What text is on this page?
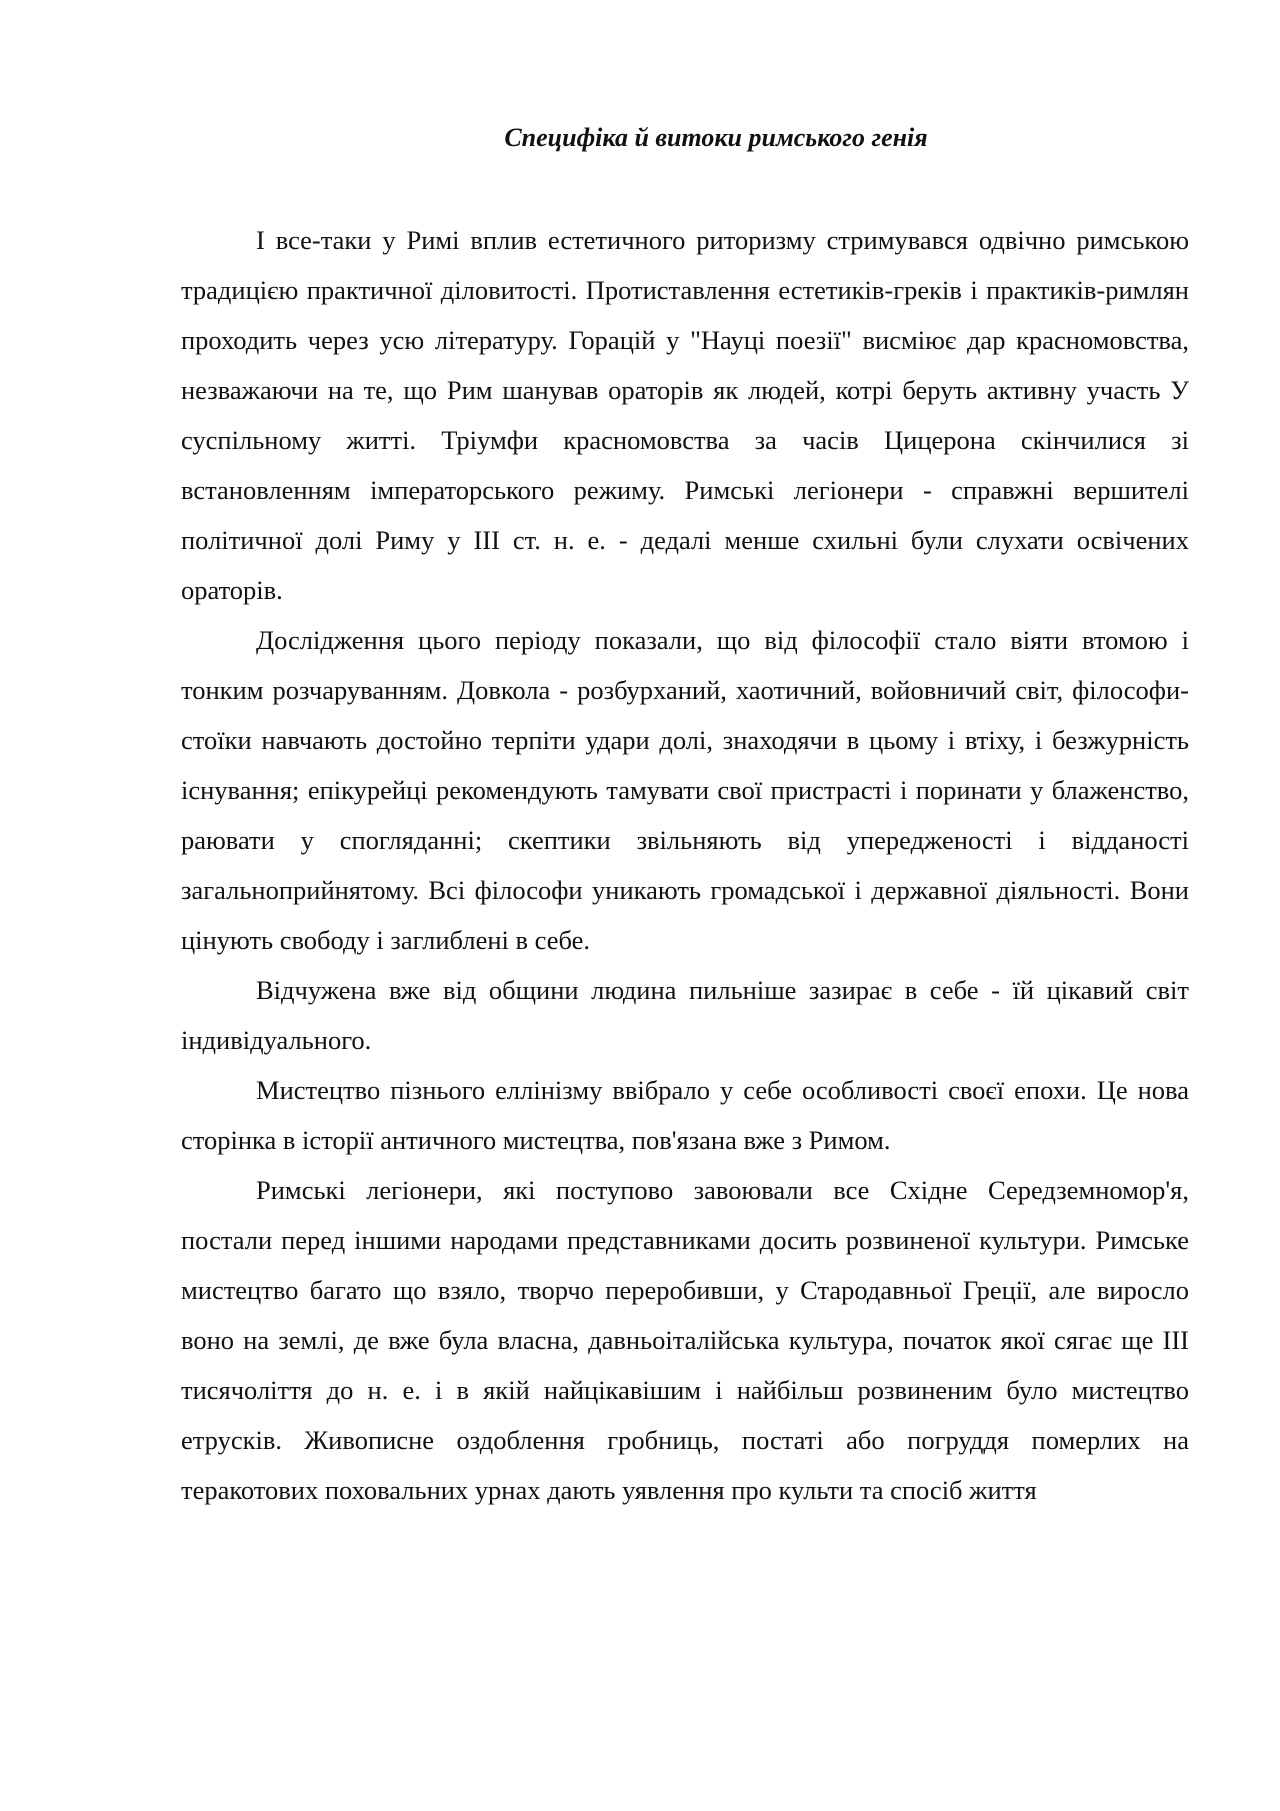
Специфіка й витоки римського генія

І все-таки у Римі вплив естетичного риторизму стримувався одвічно римською традицією практичної діловитості. Протиставлення естетиків-греків і практиків-римлян проходить через усю літературу. Горацій у "Науці поезії" висміює дар красномовства, незважаючи на те, що Рим шанував ораторів як людей, котрі беруть активну участь У суспільному житті. Тріумфи красномовства за часів Цицерона скінчилися зі встановленням імператорського режиму. Римські легіонери - справжні вершителі політичної долі Риму у ІІІ ст. н. е. - дедалі менше схильні були слухати освічених ораторів.

Дослідження цього періоду показали, що від філософії стало віяти втомою і тонким розчаруванням. Довкола - розбурханий, хаотичний, войовничий світ, філософи-стоїки навчають достойно терпіти удари долі, знаходячи в цьому і втіху, і безжурність існування; епікурейці рекомендують тамувати свої пристрасті і поринати у блаженство, раювати у спогляданні; скептики звільняють від упередженості і відданості загальноприйнятому. Всі філософи уникають громадської і державної діяльності. Вони цінують свободу і заглиблені в себе.

Відчужена вже від общини людина пильніше зазирає в себе - їй цікавий світ індивідуального.

Мистецтво пізнього еллінізму ввібрало у себе особливості своєї епохи. Це нова сторінка в історії античного мистецтва, пов'язана вже з Римом.

Римські легіонери, які поступово завоювали все Східне Середземномор'я, постали перед іншими народами представниками досить розвиненої культури. Римське мистецтво багато що взяло, творчо переробивши, у Стародавньої Греції, але виросло воно на землі, де вже була власна, давньоіталійська культура, початок якої сягає ще ІІІ тисячоліття до н. е. і в якій найцікавішим і найбільш розвиненим було мистецтво етрусків. Живописне оздоблення гробниць, постаті або погруддя померлих на теракотових поховальних урнах дають уявлення про культи та спосіб життя
